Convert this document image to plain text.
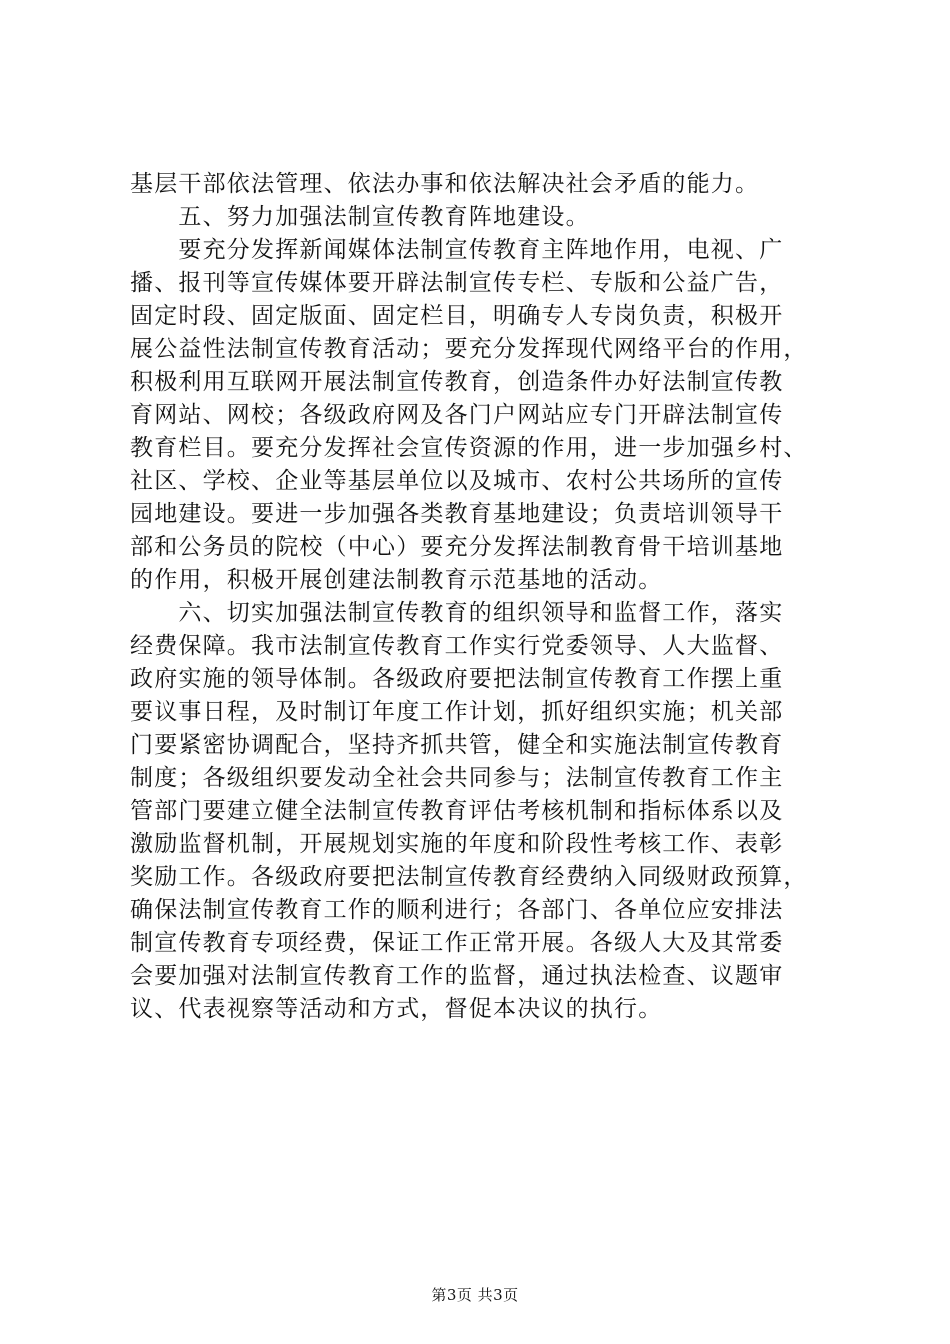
基层干部依法管理、依法办事和依法解决社会矛盾的能力。
　　五、努力加强法制宣传教育阵地建设。
　　要充分发挥新闻媒体法制宣传教育主阵地作用，电视、广
播、报刊等宣传媒体要开辟法制宣传专栏、专版和公益广告，
固定时段、固定版面、固定栏目，明确专人专岗负责，积极开
展公益性法制宣传教育活动；要充分发挥现代网络平台的作用，
积极利用互联网开展法制宣传教育，创造条件办好法制宣传教
育网站、网校；各级政府网及各门户网站应专门开辟法制宣传
教育栏目。要充分发挥社会宣传资源的作用，进一步加强乡村、
社区、学校、企业等基层单位以及城市、农村公共场所的宣传
园地建设。要进一步加强各类教育基地建设；负责培训领导干
部和公务员的院校（中心）要充分发挥法制教育骨干培训基地
的作用，积极开展创建法制教育示范基地的活动。
　　六、切实加强法制宣传教育的组织领导和监督工作，落实
经费保障。我市法制宣传教育工作实行党委领导、人大监督、
政府实施的领导体制。各级政府要把法制宣传教育工作摆上重
要议事日程，及时制订年度工作计划，抓好组织实施；机关部
门要紧密协调配合，坚持齐抓共管，健全和实施法制宣传教育
制度；各级组织要发动全社会共同参与；法制宣传教育工作主
管部门要建立健全法制宣传教育评估考核机制和指标体系以及
激励监督机制，开展规划实施的年度和阶段性考核工作、表彰
奖励工作。各级政府要把法制宣传教育经费纳入同级财政预算，
确保法制宣传教育工作的顺利进行；各部门、各单位应安排法
制宣传教育专项经费，保证工作正常开展。各级人大及其常委
会要加强对法制宣传教育工作的监督，通过执法检查、议题审
议、代表视察等活动和方式，督促本决议的执行。
第3页 共3页
